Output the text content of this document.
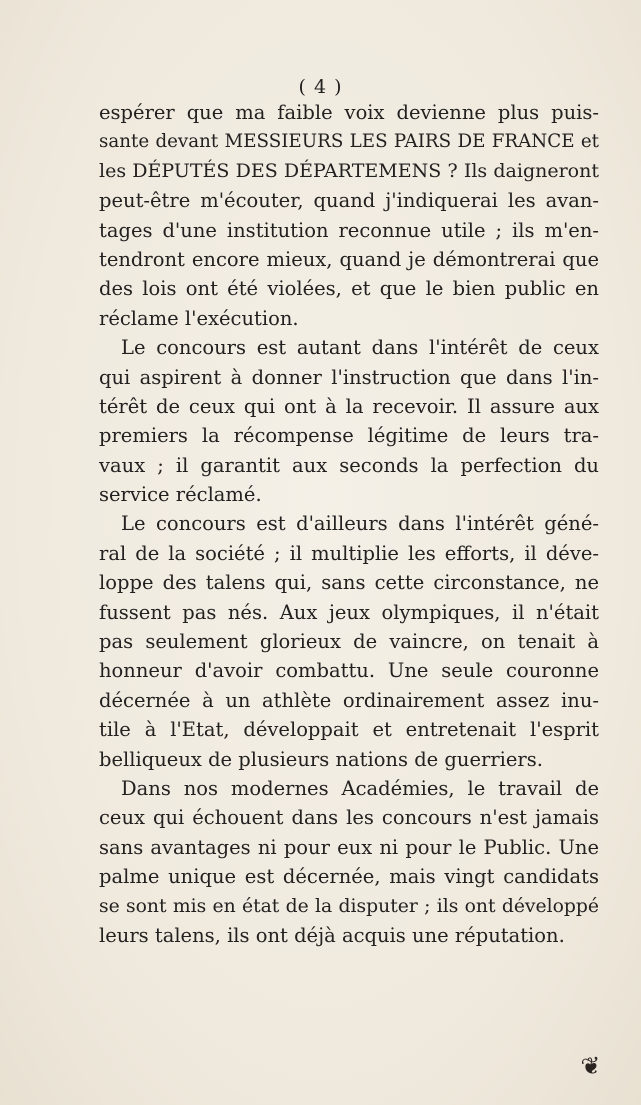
( 4 )
espérer que ma faible voix devienne plus puis-
sante devant MESSIEURS LES PAIRS DE FRANCE et
les DÉPUTÉS DES DÉPARTEMENS ? Ils daigneront
peut-être m'écouter, quand j'indiquerai les avan-
tages d'une institution reconnue utile ; ils m'en-
tendront encore mieux, quand je démontrerai que
des lois ont été violées, et que le bien public en
réclame l'exécution.
Le concours est autant dans l'intérêt de ceux
qui aspirent à donner l'instruction que dans l'in-
térêt de ceux qui ont à la recevoir. Il assure aux
premiers la récompense légitime de leurs tra-
vaux ; il garantit aux seconds la perfection du
service réclamé.
Le concours est d'ailleurs dans l'intérêt géné-
ral de la société ; il multiplie les efforts, il déve-
loppe des talens qui, sans cette circonstance, ne
fussent pas nés. Aux jeux olympiques, il n'était
pas seulement glorieux de vaincre, on tenait à
honneur d'avoir combattu. Une seule couronne
décernée à un athlète ordinairement assez inu-
tile à l'Etat, développait et entretenait l'esprit
belliqueux de plusieurs nations de guerriers.
Dans nos modernes Académies, le travail de
ceux qui échouent dans les concours n'est jamais
sans avantages ni pour eux ni pour le Public. Une
palme unique est décernée, mais vingt candidats
se sont mis en état de la disputer ; ils ont développé
leurs talens, ils ont déjà acquis une réputation.
❦
